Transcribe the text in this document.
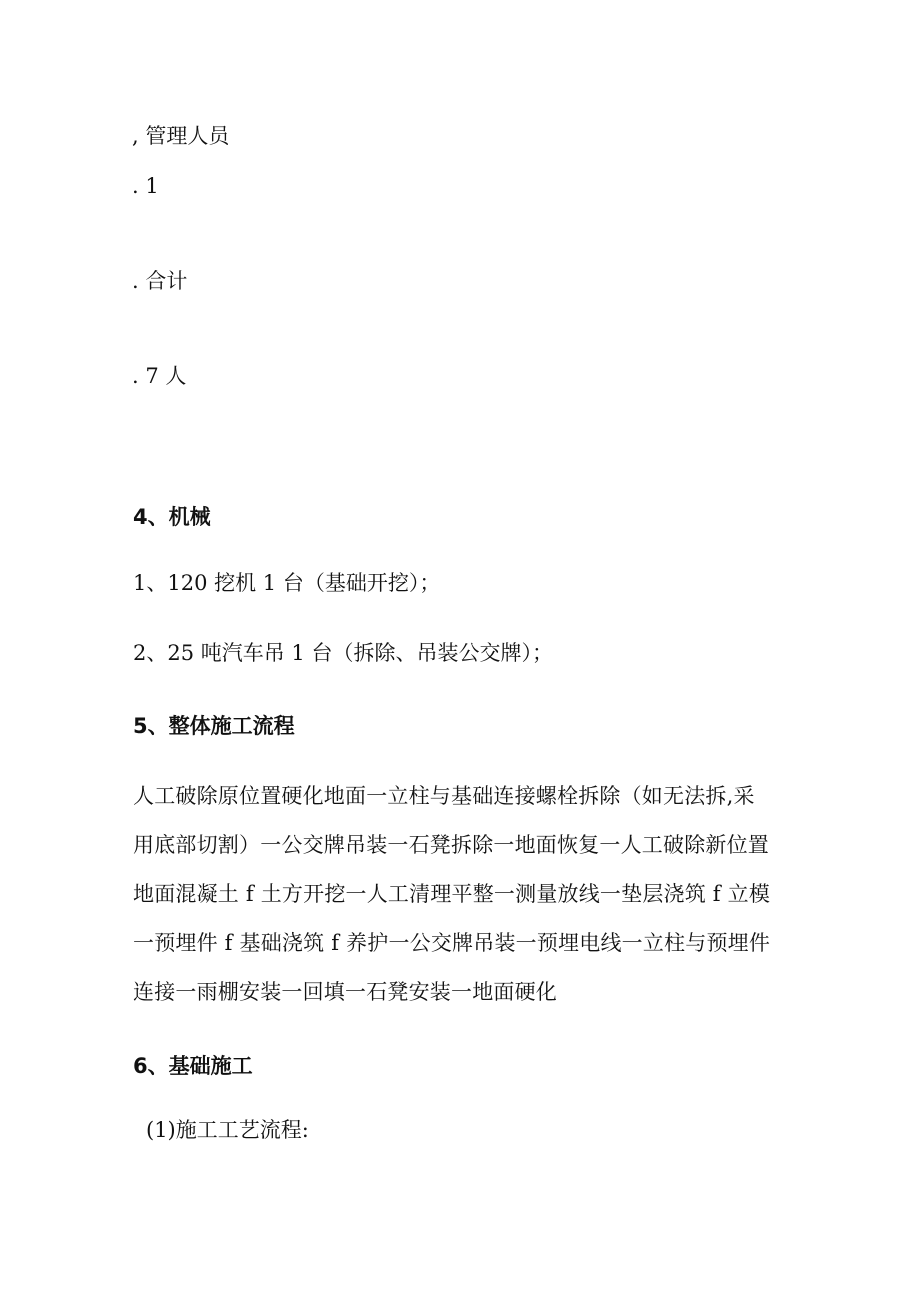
, 管理人员
. 1
. 合计
. 7 人
4、机械
1、120 挖机 1 台（基础开挖）；
2、25 吨汽车吊 1 台（拆除、吊装公交牌）；
5、整体施工流程
人工破除原位置硬化地面一立柱与基础连接螺栓拆除（如无法拆,采
用底部切割）一公交牌吊装一石凳拆除一地面恢复一人工破除新位置
地面混凝土 f 土方开挖一人工清理平整一测量放线一垫层浇筑 f 立模
一预埋件 f 基础浇筑 f 养护一公交牌吊装一预埋电线一立柱与预埋件
连接一雨棚安装一回填一石凳安装一地面硬化
6、基础施工
(1)施工工艺流程:
